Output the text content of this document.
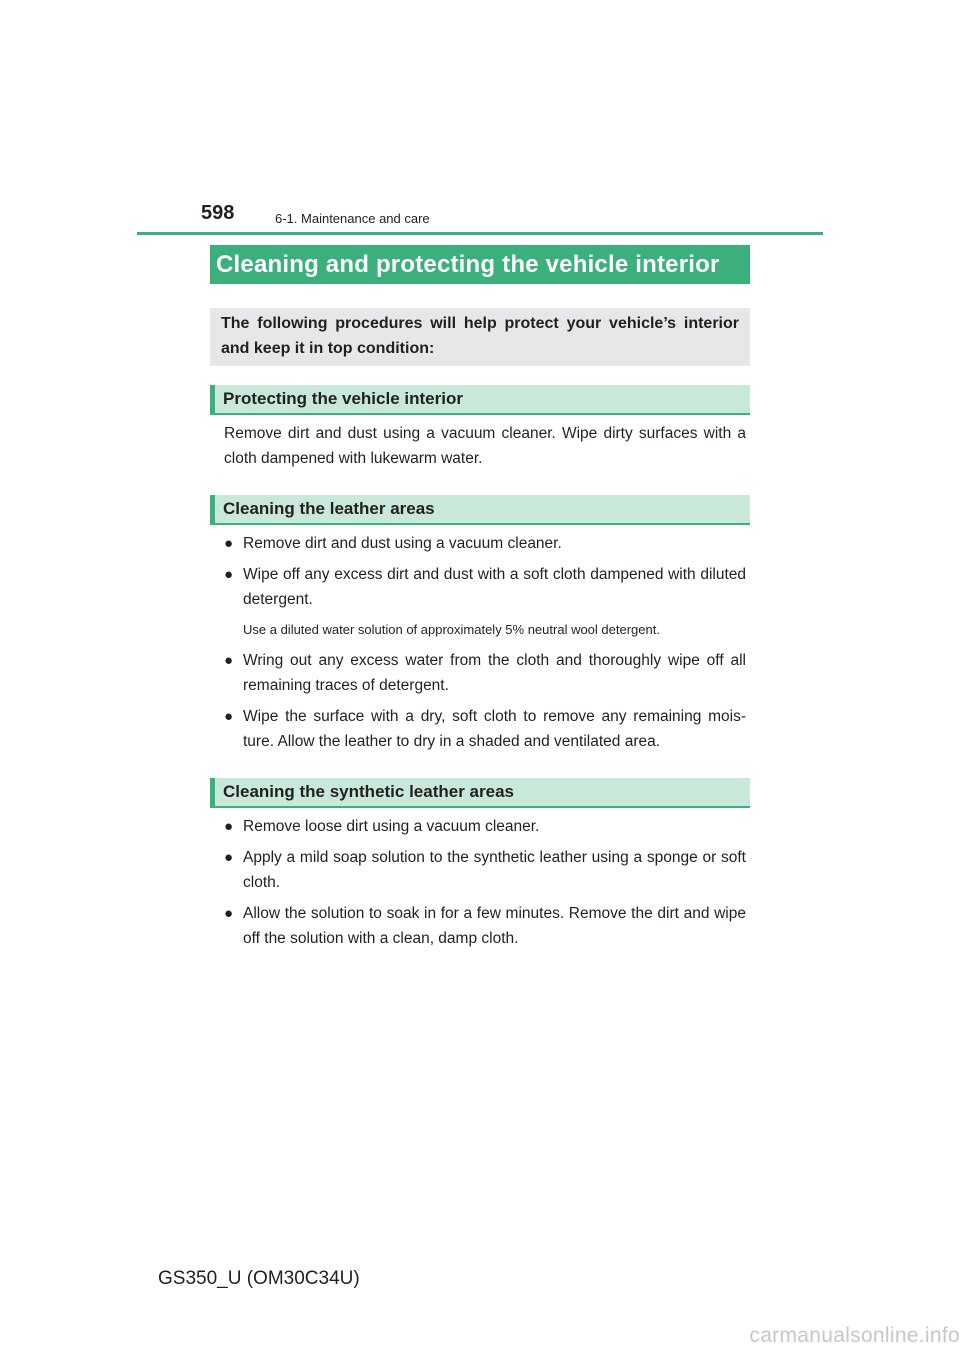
598	6-1. Maintenance and care
Cleaning and protecting the vehicle interior
The following procedures will help protect your vehicle’s interior and keep it in top condition:
Protecting the vehicle interior
Remove dirt and dust using a vacuum cleaner. Wipe dirty surfaces with a cloth dampened with lukewarm water.
Cleaning the leather areas
● Remove dirt and dust using a vacuum cleaner.
● Wipe off any excess dirt and dust with a soft cloth dampened with diluted detergent.
Use a diluted water solution of approximately 5% neutral wool detergent.
● Wring out any excess water from the cloth and thoroughly wipe off all remaining traces of detergent.
● Wipe the surface with a dry, soft cloth to remove any remaining mois-ture. Allow the leather to dry in a shaded and ventilated area.
Cleaning the synthetic leather areas
● Remove loose dirt using a vacuum cleaner.
● Apply a mild soap solution to the synthetic leather using a sponge or soft cloth.
● Allow the solution to soak in for a few minutes. Remove the dirt and wipe off the solution with a clean, damp cloth.
GS350_U (OM30C34U)
carmanualsonline.info
